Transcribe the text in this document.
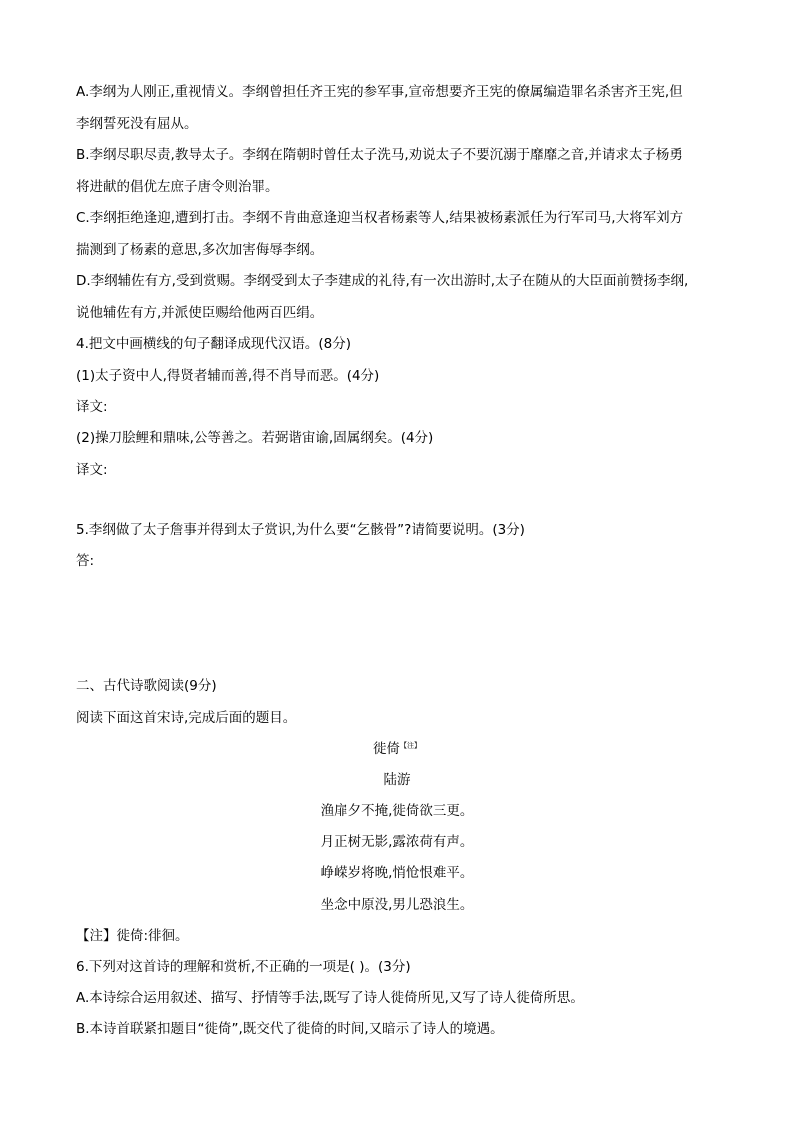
A.李纲为人刚正,重视情义。李纲曾担任齐王宪的参军事,宣帝想要齐王宪的僚属编造罪名杀害齐王宪,但
李纲誓死没有屈从。
B.李纲尽职尽责,教导太子。李纲在隋朝时曾任太子洗马,劝说太子不要沉溺于靡靡之音,并请求太子杨勇
将进献的倡优左庶子唐令则治罪。
C.李纲拒绝逢迎,遭到打击。李纲不肯曲意逢迎当权者杨素等人,结果被杨素派任为行军司马,大将军刘方
揣测到了杨素的意思,多次加害侮辱李纲。
D.李纲辅佐有方,受到赏赐。李纲受到太子李建成的礼待,有一次出游时,太子在随从的大臣面前赞扬李纲,
说他辅佐有方,并派使臣赐给他两百匹绢。
4.把文中画横线的句子翻译成现代汉语。(8分)
(1)太子资中人,得贤者辅而善,得不肖导而恶。(4分)
译文:
(2)操刀脍鲤和鼎味,公等善之。若弼谐宙谕,固属纲矣。(4分)
译文:
5.李纲做了太子詹事并得到太子赏识,为什么要“乞骸骨”?请简要说明。(3分)
答:
二、古代诗歌阅读(9分)
阅读下面这首宋诗,完成后面的题目。
徙倚$^{【注】}$
陆游
渔扉夕不掩,徙倚欲三更。
月正树无影,露浓荷有声。
峥嵘岁将晚,悄怆恨难平。
坐念中原没,男儿恐浪生。
【注】徙倚:徘徊。
6.下列对这首诗的理解和赏析,不正确的一项是( )。(3分)
A.本诗综合运用叙述、描写、抒情等手法,既写了诗人徙倚所见,又写了诗人徙倚所思。
B.本诗首联紧扣题目“徙倚”,既交代了徙倚的时间,又暗示了诗人的境遇。
